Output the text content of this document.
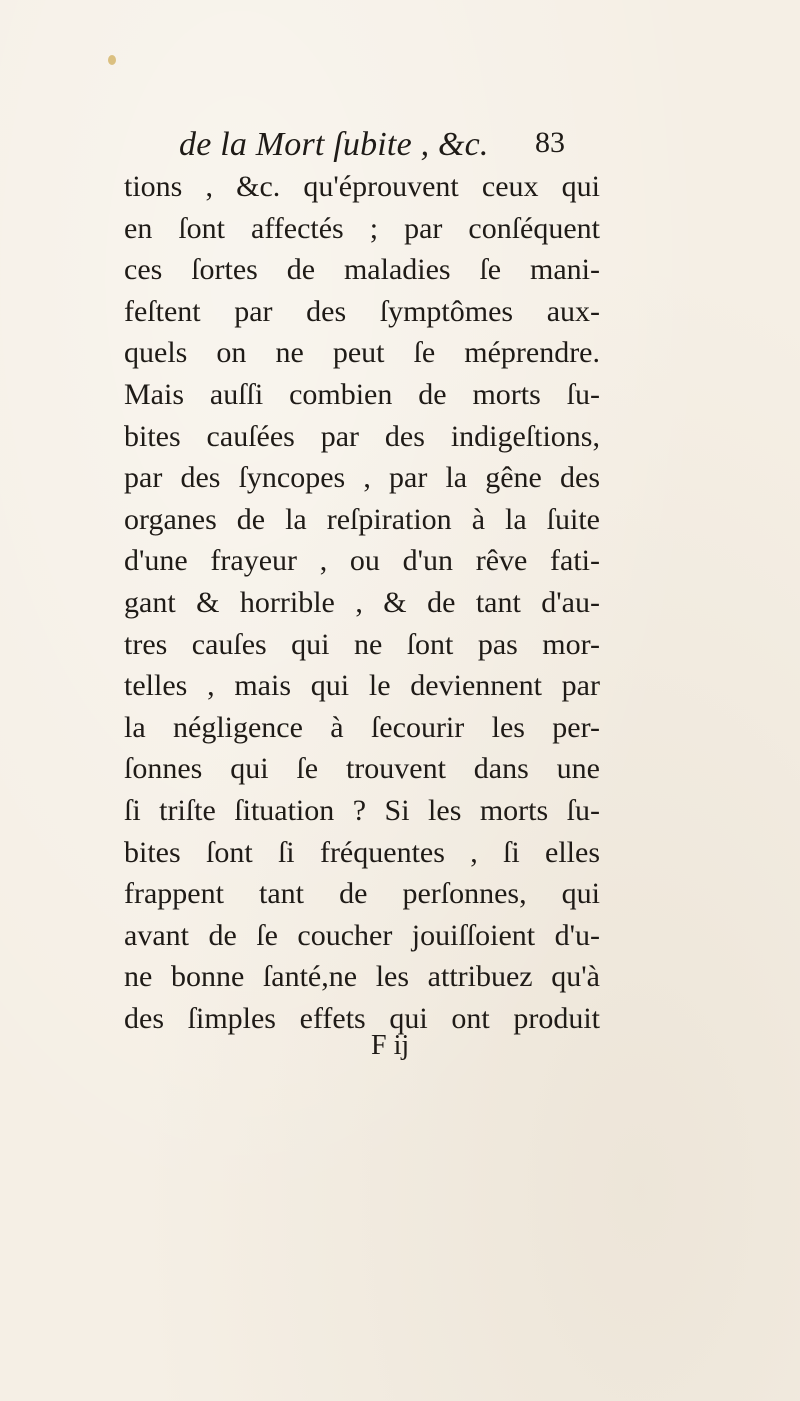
de la Mort ſubite , &c. 83
tions , &c. qu'éprouvent ceux qui
en ſont affectés ; par conſéquent
ces ſortes de maladies ſe mani-
feſtent par des ſymptômes aux-
quels on ne peut ſe méprendre.
Mais auſſi combien de morts ſu-
bites cauſées par des indigeſtions,
par des ſyncopes , par la gêne des
organes de la reſpiration à la ſuite
d'une frayeur , ou d'un rêve fati-
gant & horrible , & de tant d'au-
tres cauſes qui ne ſont pas mor-
telles , mais qui le deviennent par
la négligence à ſecourir les per-
ſonnes qui ſe trouvent dans une
ſi triſte ſituation ? Si les morts ſu-
bites ſont ſi fréquentes , ſi elles
frappent tant de perſonnes, qui
avant de ſe coucher jouiſſoient d'u-
ne bonne ſanté,ne les attribuez qu'à
des ſimples effets qui ont produit
F ij
